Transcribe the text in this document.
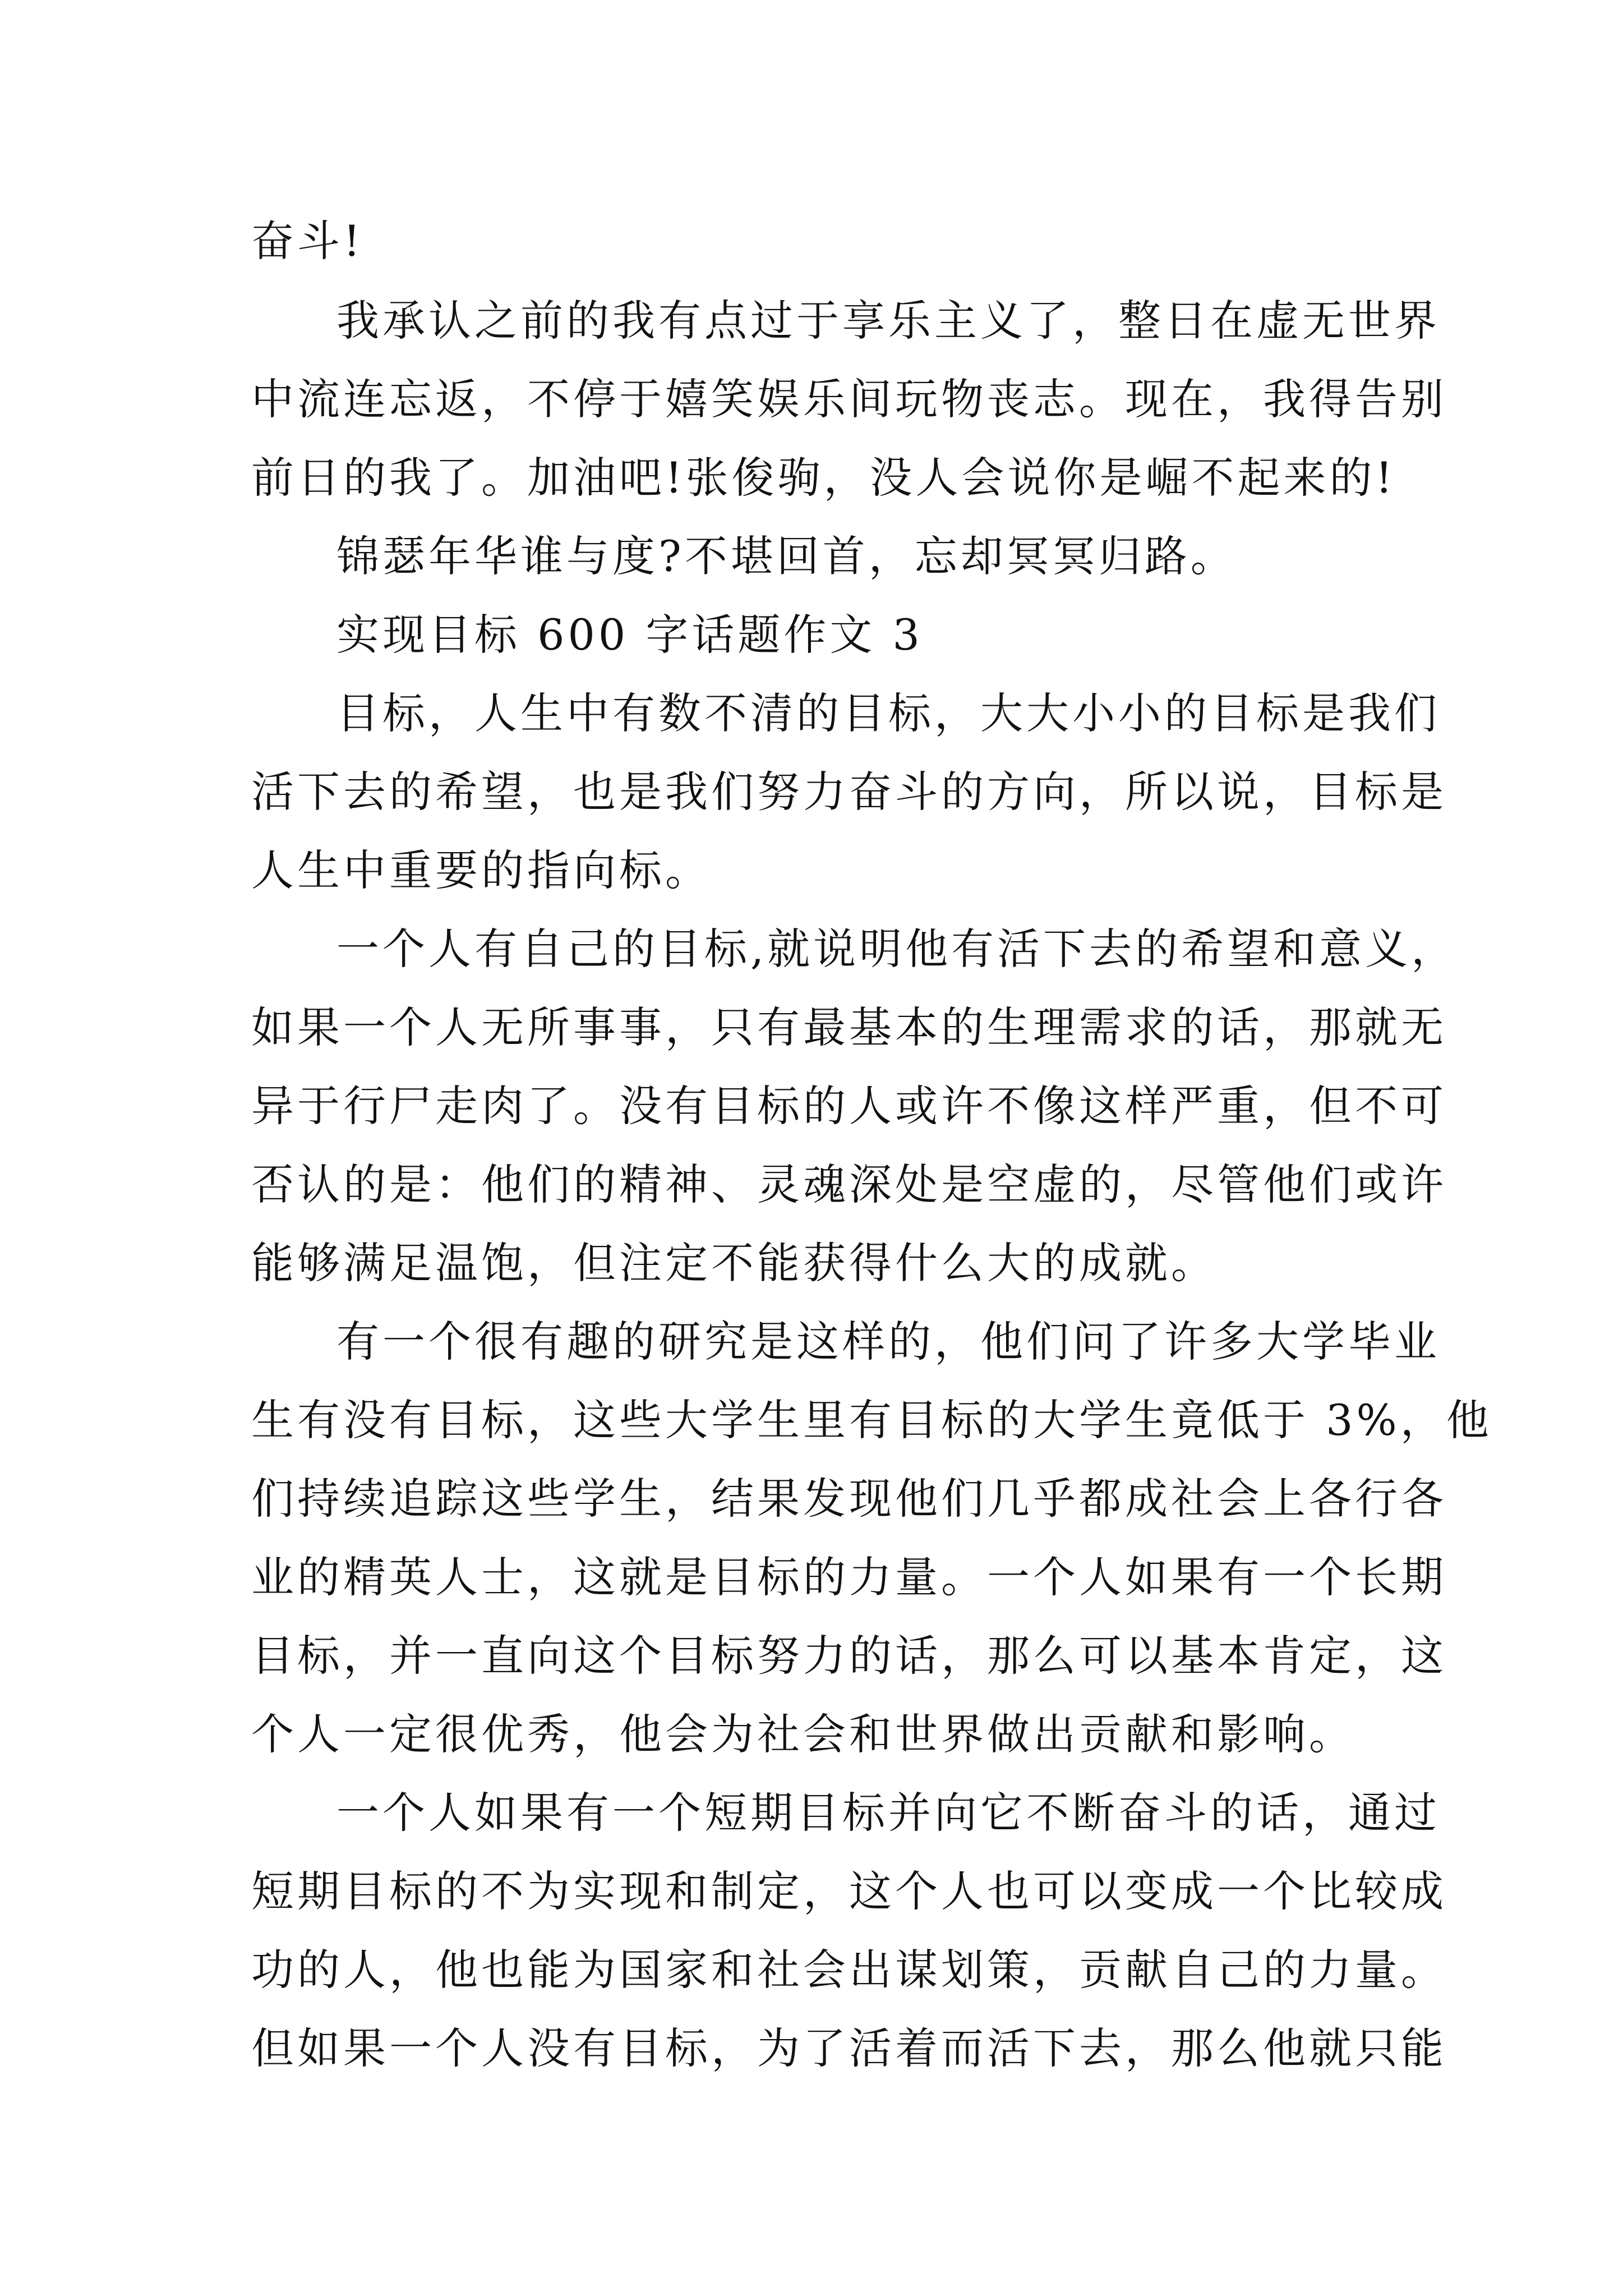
奋斗!
我承认之前的我有点过于享乐主义了，整日在虚无世界
中流连忘返，不停于嬉笑娱乐间玩物丧志。现在，我得告别
前日的我了。加油吧!张俊驹，没人会说你是崛不起来的!
锦瑟年华谁与度?不堪回首，忘却冥冥归路。
实现目标 600 字话题作文 3
目标，人生中有数不清的目标，大大小小的目标是我们
活下去的希望，也是我们努力奋斗的方向，所以说，目标是
人生中重要的指向标。
一个人有自己的目标,就说明他有活下去的希望和意义，
如果一个人无所事事，只有最基本的生理需求的话，那就无
异于行尸走肉了。没有目标的人或许不像这样严重，但不可
否认的是：他们的精神、灵魂深处是空虚的，尽管他们或许
能够满足温饱，但注定不能获得什么大的成就。
有一个很有趣的研究是这样的，他们问了许多大学毕业
生有没有目标，这些大学生里有目标的大学生竟低于 3%，他
们持续追踪这些学生，结果发现他们几乎都成社会上各行各
业的精英人士，这就是目标的力量。一个人如果有一个长期
目标，并一直向这个目标努力的话，那么可以基本肯定，这
个人一定很优秀，他会为社会和世界做出贡献和影响。
一个人如果有一个短期目标并向它不断奋斗的话，通过
短期目标的不为实现和制定，这个人也可以变成一个比较成
功的人，他也能为国家和社会出谋划策，贡献自己的力量。
但如果一个人没有目标，为了活着而活下去，那么他就只能
